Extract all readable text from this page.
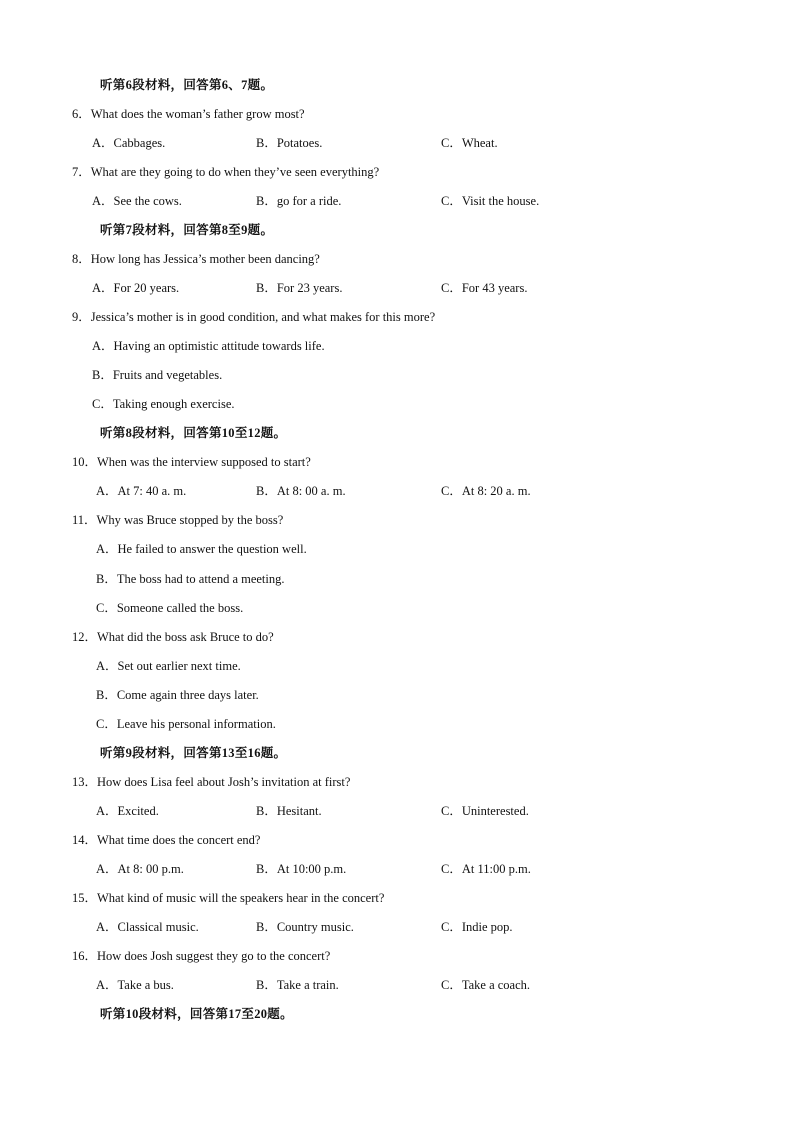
听第6段材料，回答第6、7题。
6．What does the woman’s father grow most?
A．Cabbages.	B．Potatoes.	C．Wheat.
7．What are they going to do when they’ve seen everything?
A．See the cows.	B．go for a ride.	C．Visit the house.
听第7段材料，回答第8至9题。
8．How long has Jessica’s mother been dancing?
A．For 20 years.	B．For 23 years.	C．For 43 years.
9．Jessica’s mother is in good condition, and what makes for this more?
A．Having an optimistic attitude towards life.
B．Fruits and vegetables.
C．Taking enough exercise.
听第8段材料，回答第10至12题。
10．When was the interview supposed to start?
A．At 7: 40 a. m.	B．At 8: 00 a. m.	C．At 8: 20 a. m.
11．Why was Bruce stopped by the boss?
A．He failed to answer the question well.
B．The boss had to attend a meeting.
C．Someone called the boss.
12．What did the boss ask Bruce to do?
A．Set out earlier next time.
B．Come again three days later.
C．Leave his personal information.
听第9段材料，回答第13至16题。
13．How does Lisa feel about Josh’s invitation at first?
A．Excited.	B．Hesitant.	C．Uninterested.
14．What time does the concert end?
A．At 8: 00 p.m.	B．At 10:00 p.m.	C．At 11:00 p.m.
15．What kind of music will the speakers hear in the concert?
A．Classical music.	B．Country music.	C．Indie pop.
16．How does Josh suggest they go to the concert?
A．Take a bus.	B．Take a train.	C．Take a coach.
听第10段材料，回答第17至20题。
